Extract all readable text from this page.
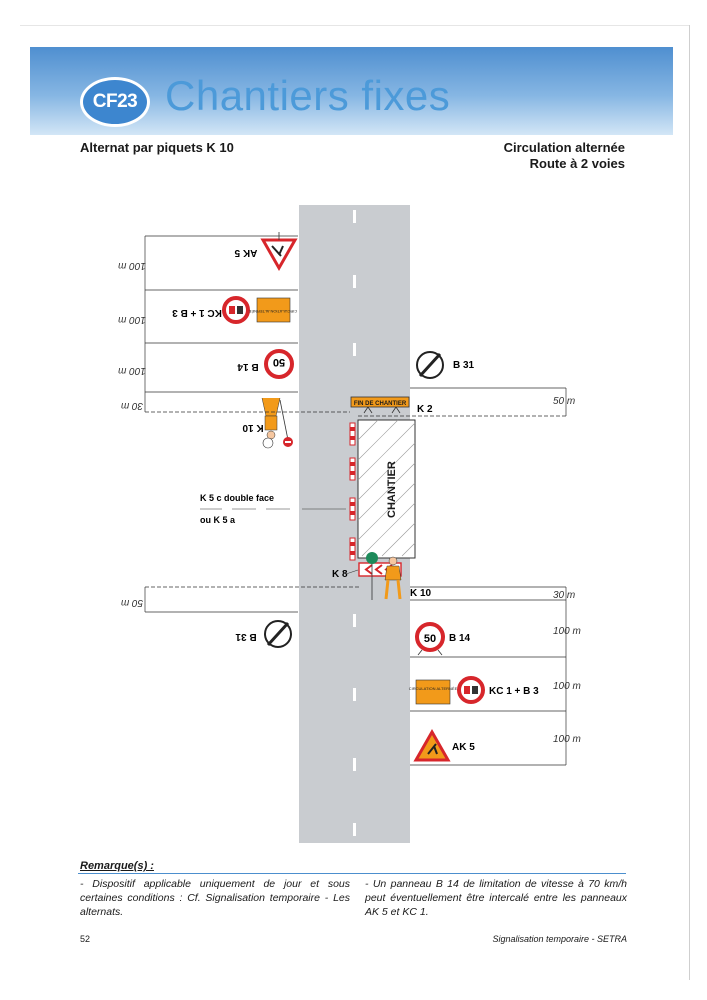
CF23 Chantiers fixes
Alternat par piquets K 10	Circulation alternée
Route à 2 voies
CHANTIER
FIN DE CHANTIER
K 8
K 10
AK 5
CIRCULATION ALTERNÉE
KC 1 + B 3
50
B 14
B 31
K 5 c double face
ou K 5 a
B 31
K 2
K 10
50 B 14
CIRCULATION ALTERNÉE	KC 1 + B 3
AK 5
100 m
100 m
100 m
30 m
50 m
50 m
30 m
100 m
100 m
100 m
Remarque(s) :
- Dispositif applicable uniquement de jour et sous certaines conditions : Cf. Signalisation temporaire - Les alternats.
- Un panneau B 14 de limitation de vitesse à 70 km/h peut éventuellement être intercalé entre les panneaux AK 5 et KC 1.
52	Signalisation temporaire - SETRA
